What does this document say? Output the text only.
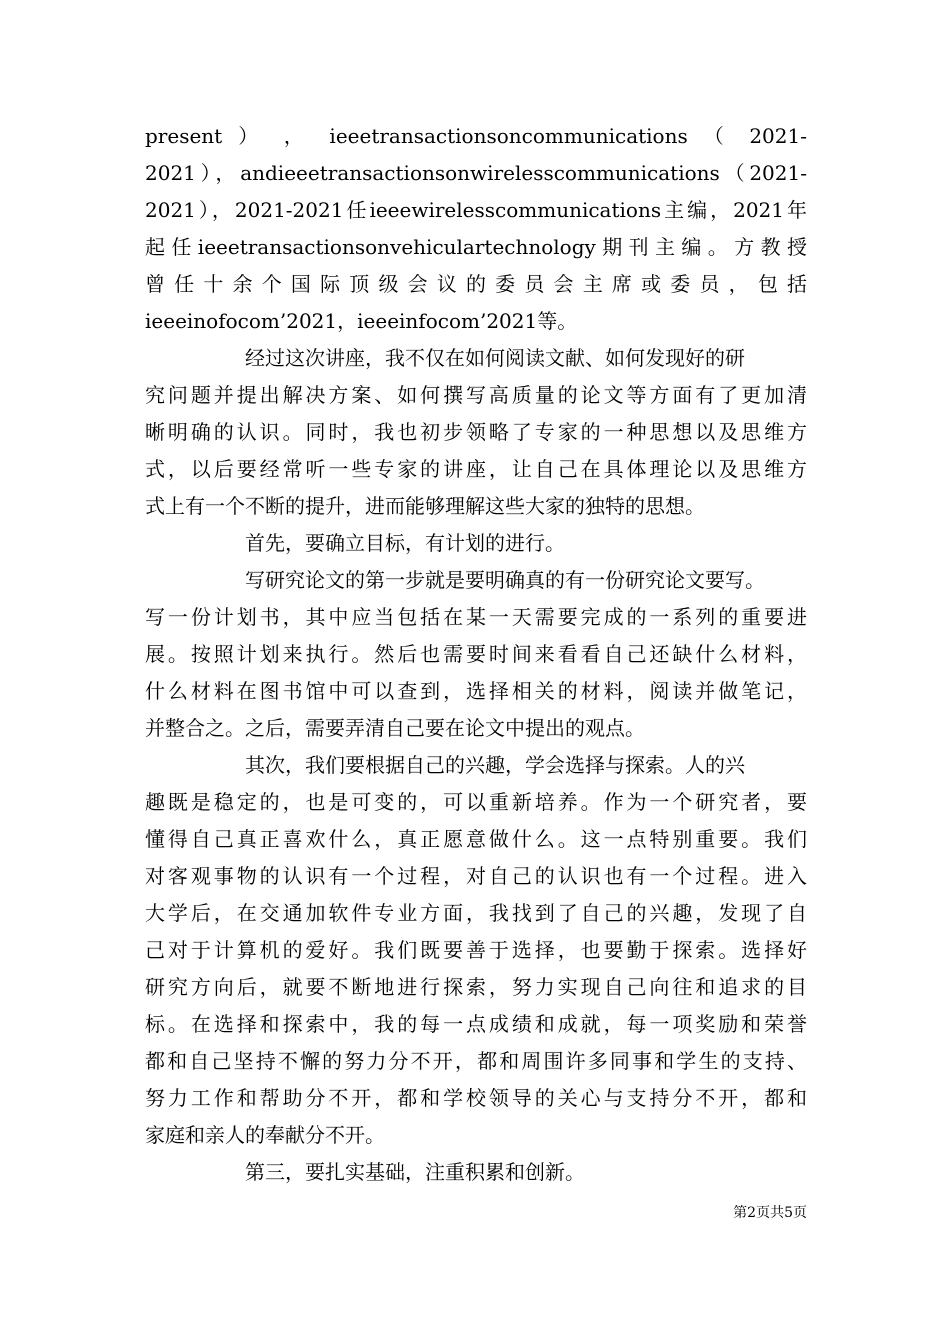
present ） ， ieeetransactionsoncommunications （ 2021-
2021），andieeetransactionsonwirelesscommunications（2021-
2021），2021-2021任ieeewirelesscommunications主编，2021年
起任ieeetransactionsonvehiculartechnology期刊主编。方教授
曾任十余个国际顶级会议的委员会主席或委员，包括
ieeeinofocom’2021，ieeeinfocom’2021等。
经过这次讲座，我不仅在如何阅读文献、如何发现好的研
究问题并提出解决方案、如何撰写高质量的论文等方面有了更加清
晰明确的认识。同时，我也初步领略了专家的一种思想以及思维方
式，以后要经常听一些专家的讲座，让自己在具体理论以及思维方
式上有一个不断的提升，进而能够理解这些大家的独特的思想。
首先，要确立目标，有计划的进行。
写研究论文的第一步就是要明确真的有一份研究论文要写。
写一份计划书，其中应当包括在某一天需要完成的一系列的重要进
展。按照计划来执行。然后也需要时间来看看自己还缺什么材料，
什么材料在图书馆中可以查到，选择相关的材料，阅读并做笔记，
并整合之。之后，需要弄清自己要在论文中提出的观点。
其次，我们要根据自己的兴趣，学会选择与探索。人的兴
趣既是稳定的，也是可变的，可以重新培养。作为一个研究者，要
懂得自己真正喜欢什么，真正愿意做什么。这一点特别重要。我们
对客观事物的认识有一个过程，对自己的认识也有一个过程。进入
大学后，在交通加软件专业方面，我找到了自己的兴趣，发现了自
己对于计算机的爱好。我们既要善于选择，也要勤于探索。选择好
研究方向后，就要不断地进行探索，努力实现自己向往和追求的目
标。在选择和探索中，我的每一点成绩和成就，每一项奖励和荣誉
都和自己坚持不懈的努力分不开，都和周围许多同事和学生的支持、
努力工作和帮助分不开，都和学校领导的关心与支持分不开，都和
家庭和亲人的奉献分不开。
第三，要扎实基础，注重积累和创新。
第2页共5页
